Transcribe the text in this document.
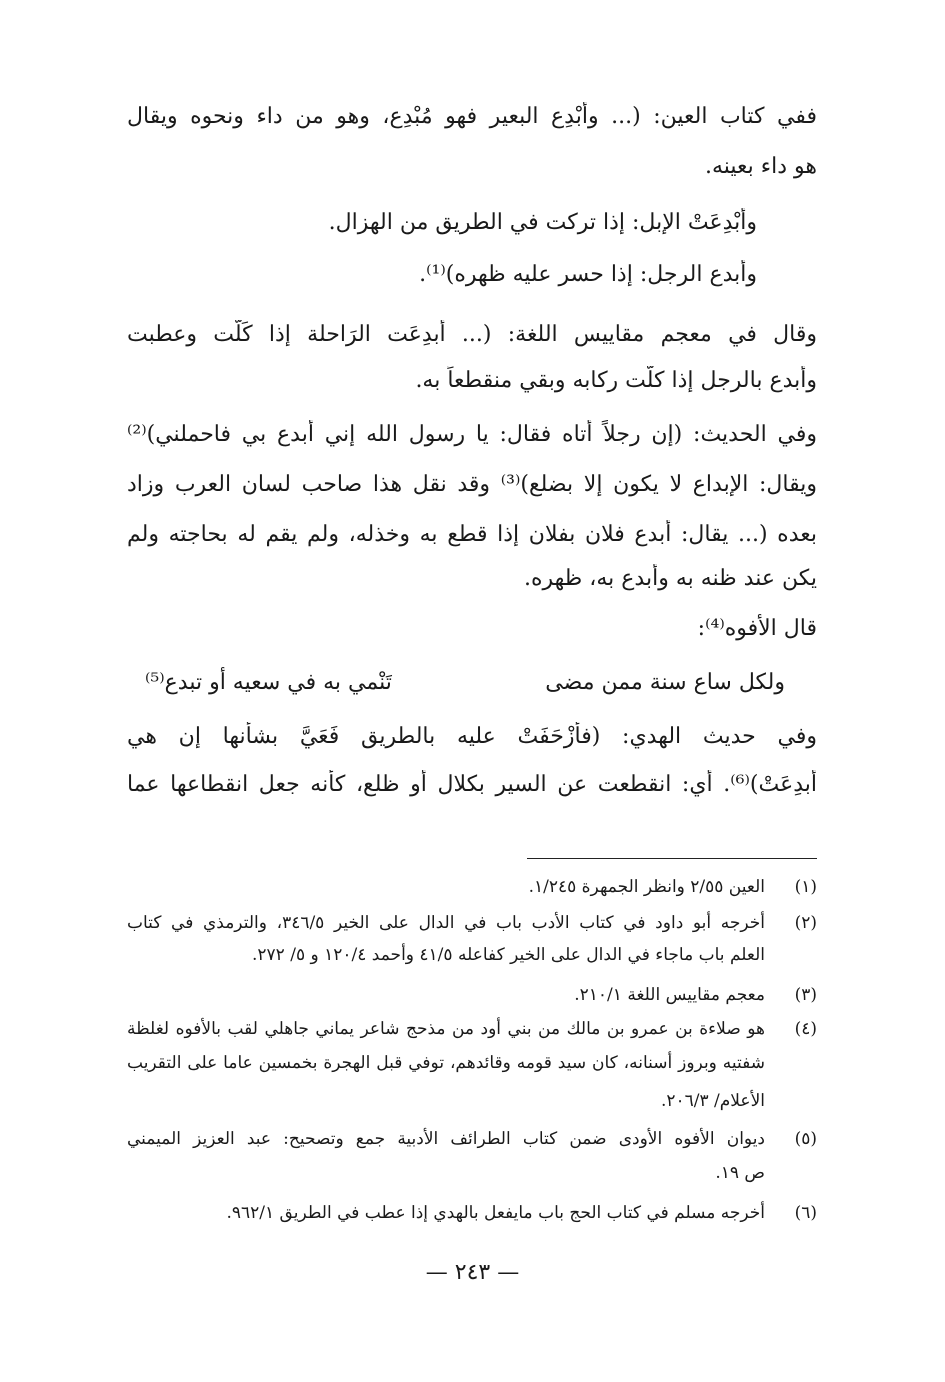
ففي كتاب العين: (... وأُبْدِع البعير فهو مُبْدِع، وهو من داء ونحوه ويقال
هو داء بعينه.
وأُبْدِعَتْ الإبل: إذا تركت في الطريق من الهزال.
وأبدع الرجل: إذا حسر عليه ظهره)⁽¹⁾.
وقال في معجم مقاييس اللغة: (... أُبدِعَت الرَاحلة إذا كَلَّت وعطبت
وأبدع بالرجل إذا كلَّت ركابه وبقي منقطعاً به.
وفي الحديث: (إن رجلاً أتاه فقال: يا رسول الله إني أبدع بي فاحملني)⁽²⁾
ويقال: الإبداع لا يكون إلا بضلع)⁽³⁾ وقد نقل هذا صاحب لسان العرب وزاد
بعده (... يقال: أبدع فلان بفلان إذا قطع به وخذله، ولم يقم له بحاجته ولم
يكن عند ظنه به وأبدع به، ظهره.
قال الأفوه⁽⁴⁾:
ولكل ساع سنة ممن مضى
تَنْمي به في سعيه أو تبدع⁽⁵⁾
وفي حديث الهدي: (فأَزْحَفَتْ عليه بالطريق فَعَيَّ بشأنها إن هي
أُبدِعَتْ)⁽⁶⁾. أي: انقطعت عن السير بكلال أو ظلع، كأنه جعل انقطاعها عما
(١)
العين ٢/٥٥ وانظر الجمهرة ١/٢٤٥.
(٢)
أخرجه أبو داود في كتاب الأدب باب في الدال على الخير ٣٤٦/٥، والترمذي في كتاب
العلم باب ماجاء في الدال على الخير كفاعله ٤١/٥ وأحمد ١٢٠/٤ و ٥/ ٢٧٢.
(٣)
معجم مقاييس اللغة ٢١٠/١.
(٤)
هو صلاءة بن عمرو بن مالك من بني أود من مذحج شاعر يماني جاهلي لقب بالأفوه لغلظة
شفتيه وبروز أسنانه، كان سيد قومه وقائدهم، توفي قبل الهجرة بخمسين عاما على التقريب
الأعلام/ ٢٠٦/٣.
(٥)
ديوان الأفوه الأودى ضمن كتاب الطرائف الأدبية جمع وتصحيح: عبد العزيز الميمني
ص ١٩.
(٦)
أخرجه مسلم في كتاب الحج باب مايفعل بالهدي إذا عطب في الطريق ٩٦٢/١.
— ٢٤٣ —
